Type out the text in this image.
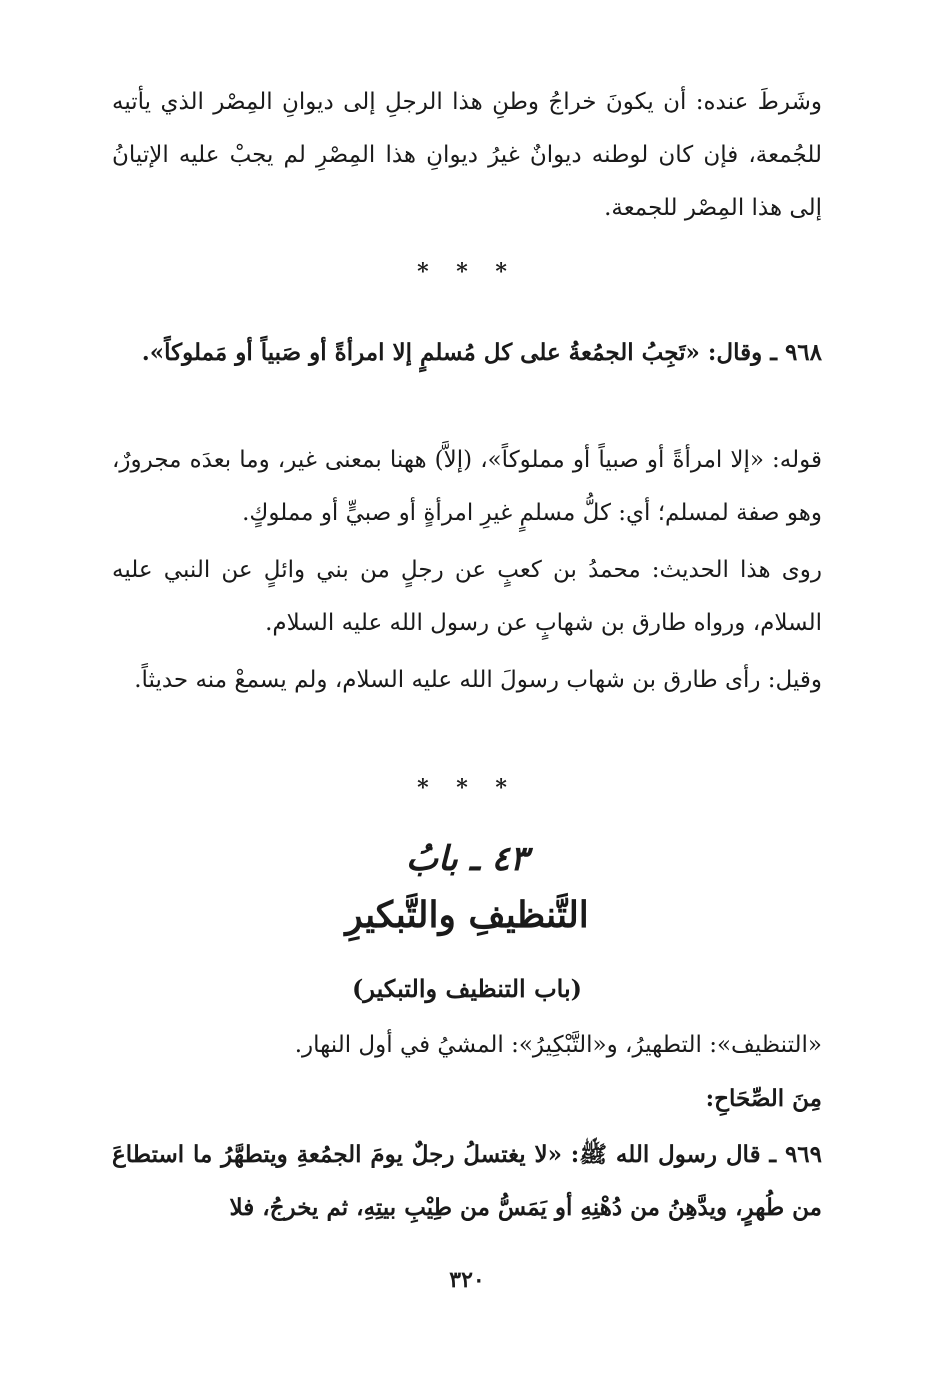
وشَرطَ عنده: أن يكونَ خراجُ وطنِ هذا الرجلِ إلى ديوانِ المِصْر الذي يأتيه للجُمعة، فإن كان لوطنه ديوانٌ غيرُ ديوانِ هذا المِصْرِ لم يجبْ عليه الإتيانُ إلى هذا المِصْر للجمعة.

* * *

٩٦٨ ـ وقال: «تَجِبُ الجمُعةُ على كل مُسلمٍ إلا امرأةً أو صَبياً أو مَملوكاً».

قوله: «إلا امرأةً أو صبياً أو مملوكاً»، (إلاَّ) ههنا بمعنى غير، وما بعدَه مجرورٌ، وهو صفة لمسلم؛ أي: كلُّ مسلمٍ غيرِ امرأةٍ أو صبيٍّ أو مملوكٍ.

روى هذا الحديث: محمدُ بن كعبٍ عن رجلٍ من بني وائلٍ عن النبي عليه السلام، ورواه طارق بن شهابٍ عن رسول الله عليه السلام.

وقيل: رأى طارق بن شهاب رسولَ الله عليه السلام، ولم يسمعْ منه حديثاً.

* * *
٤٣ ـ بابُ
التَّنظيفِ والتَّبكيرِ
(باب التنظيف والتبكير)

«التنظيف»: التطهيرُ، و«التَّبْكِيرُ»: المشيُ في أول النهار.

مِنَ الصِّحَاحِ:

٩٦٩ ـ قال رسول الله ﷺ: «لا يغتسلُ رجلٌ يومَ الجمُعةِ ويتطهَّرُ ما استطاعَ من طُهرٍ، ويدَّهِنُ من دُهْنِهِ أو يَمَسُّ من طِيْبِ بيتِهِ، ثم يخرجُ، فلا

٣٢٠
